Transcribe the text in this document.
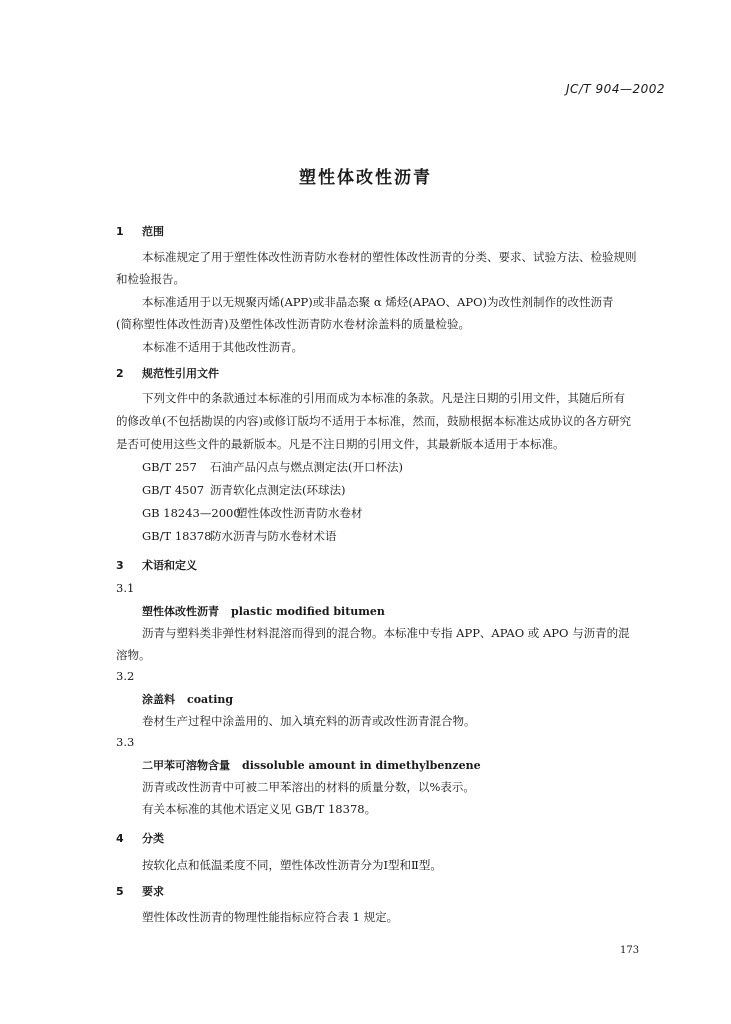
JC/T 904—2002
塑性体改性沥青
1 范围
本标准规定了用于塑性体改性沥青防水卷材的塑性体改性沥青的分类、要求、试验方法、检验规则
和检验报告。
本标准适用于以无规聚丙烯(APP)或非晶态聚 α 烯烃(APAO、APO)为改性剂制作的改性沥青
(简称塑性体改性沥青)及塑性体改性沥青防水卷材涂盖料的质量检验。
本标准不适用于其他改性沥青。
2 规范性引用文件
下列文件中的条款通过本标准的引用而成为本标准的条款。凡是注日期的引用文件，其随后所有
的修改单(不包括勘误的内容)或修订版均不适用于本标准，然而，鼓励根据本标准达成协议的各方研究
是否可使用这些文件的最新版本。凡是不注日期的引用文件，其最新版本适用于本标准。
GB/T 257 石油产品闪点与燃点测定法(开口杯法)
GB/T 4507 沥青软化点测定法(环球法)
GB 18243—2000塑性体改性沥青防水卷材
GB/T 18378防水沥青与防水卷材术语
3 术语和定义
3.1
塑性体改性沥青 plastic modified bitumen
沥青与塑料类非弹性材料混溶而得到的混合物。本标准中专指 APP、APAO 或 APO 与沥青的混
溶物。
3.2
涂盖料 coating
卷材生产过程中涂盖用的、加入填充料的沥青或改性沥青混合物。
3.3
二甲苯可溶物含量 dissoluble amount in dimethylbenzene
沥青或改性沥青中可被二甲苯溶出的材料的质量分数，以%表示。
有关本标准的其他术语定义见 GB/T 18378。
4 分类
按软化点和低温柔度不同，塑性体改性沥青分为Ⅰ型和Ⅱ型。
5 要求
塑性体改性沥青的物理性能指标应符合表 1 规定。
173
